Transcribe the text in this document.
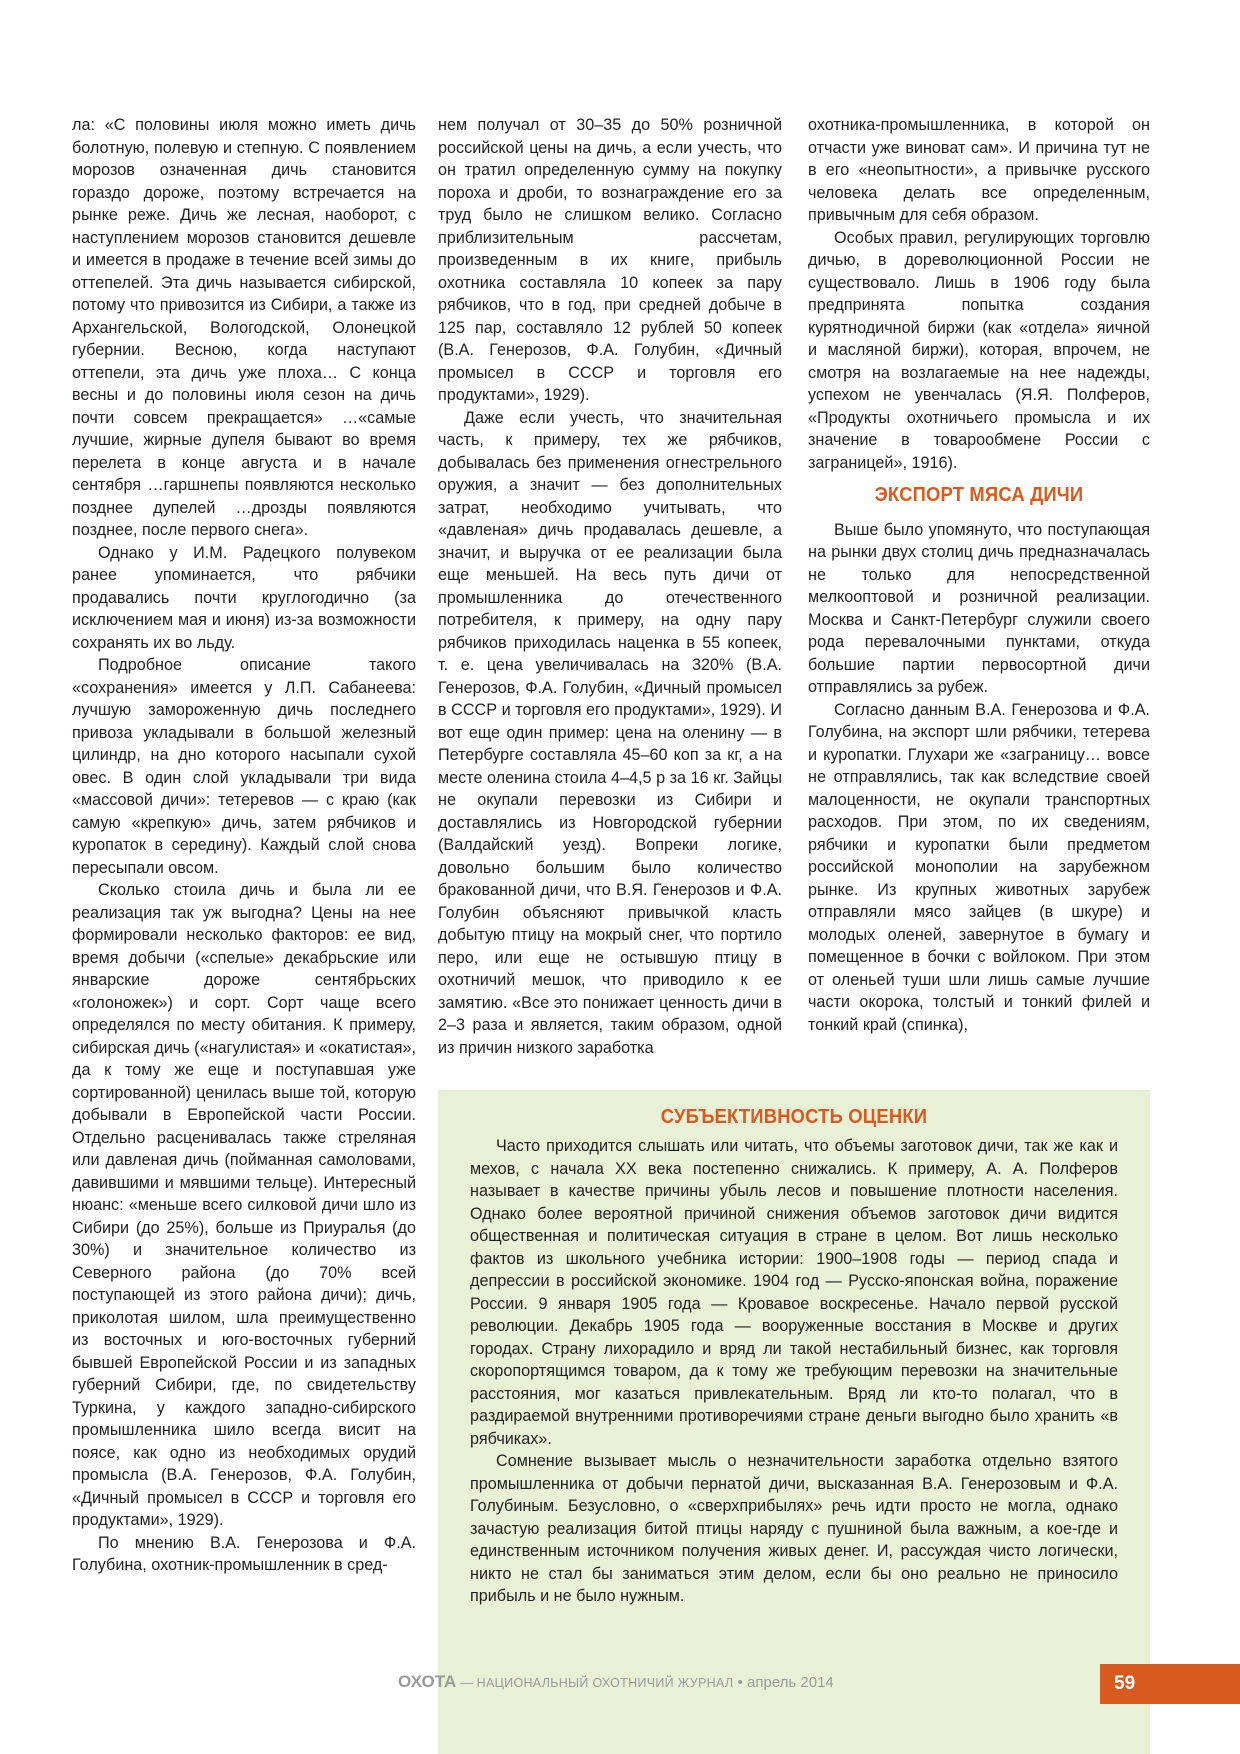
ла: «С половины июля можно иметь дичь болотную, полевую и степную. С появлением морозов означенная дичь становится гораздо дороже, поэтому встречается на рынке реже. Дичь же лесная, наоборот, с наступлением морозов становится дешевле и имеется в продаже в течение всей зимы до оттепелей. Эта дичь называется сибирской, потому что привозится из Сибири, а также из Архангельской, Вологодской, Олонецкой губернии. Весною, когда наступают оттепели, эта дичь уже плоха… С конца весны и до половины июля сезон на дичь почти совсем прекращается» …«самые лучшие, жирные дупеля бывают во время перелета в конце августа и в начале сентября …гаршнепы появляются несколько позднее дупелей …дрозды появляются позднее, после первого снега».

Однако у И.М. Радецкого полувеком ранее упоминается, что рябчики продавались почти круглогодично (за исключением мая и июня) из-за возможности сохранять их во льду.

Подробное описание такого «сохранения» имеется у Л.П. Сабанеева: лучшую замороженную дичь последнего привоза укладывали в большой железный цилиндр, на дно которого насыпали сухой овес. В один слой укладывали три вида «массовой дичи»: тетеревов — с краю (как самую «крепкую» дичь, затем рябчиков и куропаток в середину). Каждый слой снова пересыпали овсом.

Сколько стоила дичь и была ли ее реализация так уж выгодна? Цены на нее формировали несколько факторов: ее вид, время добычи («спелые» декабрьские или январские дороже сентябрьских «голоножек») и сорт. Сорт чаще всего определялся по месту обитания. К примеру, сибирская дичь («нагулистая» и «окатистая», да к тому же еще и поступавшая уже сортированной) ценилась выше той, которую добывали в Европейской части России. Отдельно расценивалась также стреляная или давленая дичь (пойманная самоловами, давившими и мявшими тельце). Интересный нюанс: «меньше всего силковой дичи шло из Сибири (до 25%), больше из Приуралья (до 30%) и значительное количество из Северного района (до 70% всей поступающей из этого района дичи); дичь, приколотая шилом, шла преимущественно из восточных и юго-восточных губерний бывшей Европейской России и из западных губерний Сибири, где, по свидетельству Туркина, у каждого западно-сибирского промышленника шило всегда висит на поясе, как одно из необходимых орудий промысла (В.А. Генерозов, Ф.А. Голубин, «Дичный промысел в СССР и торговля его продуктами», 1929).

По мнению В.А. Генерозова и Ф.А. Голубина, охотник-промышленник в сред-

нем получал от 30–35 до 50% розничной российской цены на дичь, а если учесть, что он тратил определенную сумму на покупку пороха и дроби, то вознаграждение его за труд было не слишком велико. Согласно приблизительным рассчетам, произведенным в их книге, прибыль охотника составляла 10 копеек за пару рябчиков, что в год, при средней добыче в 125 пар, составляло 12 рублей 50 копеек (В.А. Генерозов, Ф.А. Голубин, «Дичный промысел в СССР и торговля его продуктами», 1929).

Даже если учесть, что значительная часть, к примеру, тех же рябчиков, добывалась без применения огнестрельного оружия, а значит — без дополнительных затрат, необходимо учитывать, что «давленая» дичь продавалась дешевле, а значит, и выручка от ее реализации была еще меньшей. На весь путь дичи от промышленника до отечественного потребителя, к примеру, на одну пару рябчиков приходилась наценка в 55 копеек, т. е. цена увеличивалась на 320% (В.А. Генерозов, Ф.А. Голубин, «Дичный промысел в СССР и торговля его продуктами», 1929). И вот еще один пример: цена на оленину — в Петербурге составляла 45–60 коп за кг, а на месте оленина стоила 4–4,5 р за 16 кг. Зайцы не окупали перевозки из Сибири и доставлялись из Новгородской губернии (Валдайский уезд). Вопреки логике, довольно большим было количество бракованной дичи, что В.Я. Генерозов и Ф.А. Голубин объясняют привычкой класть добытую птицу на мокрый снег, что портило перо, или еще не остывшую птицу в охотничий мешок, что приводило к ее замятию. «Все это понижает ценность дичи в 2–3 раза и является, таким образом, одной из причин низкого заработка

охотника-промышленника, в которой он отчасти уже виноват сам». И причина тут не в его «неопытности», а привычке русского человека делать все определенным, привычным для себя образом.

Особых правил, регулирующих торговлю дичью, в дореволюционной России не существовало. Лишь в 1906 году была предпринята попытка создания курятнодичной биржи (как «отдела» яичной и масляной биржи), которая, впрочем, не смотря на возлагаемые на нее надежды, успехом не увенчалась (Я.Я. Полферов, «Продукты охотничьего промысла и их значение в товарообмене России с заграницей», 1916).

ЭКСПОРТ МЯСА ДИЧИ

Выше было упомянуто, что поступающая на рынки двух столиц дичь предназначалась не только для непосредственной мелкооптовой и розничной реализации. Москва и Санкт-Петербург служили своего рода перевалочными пунктами, откуда большие партии первосортной дичи отправлялись за рубеж.

Согласно данным В.А. Генерозова и Ф.А. Голубина, на экспорт шли рябчики, тетерева и куропатки. Глухари же «заграницу… вовсе не отправлялись, так как вследствие своей малоценности, не окупали транспортных расходов. При этом, по их сведениям, рябчики и куропатки были предметом российской монополии на зарубежном рынке. Из крупных животных зарубеж отправляли мясо зайцев (в шкуре) и молодых оленей, завернутое в бумагу и помещенное в бочки с войлоком. При этом от оленьей туши шли лишь самые лучшие части окорока, толстый и тонкий филей и тонкий край (спинка),

СУБЪЕКТИВНОСТЬ ОЦЕНКИ

Часто приходится слышать или читать, что объемы заготовок дичи, так же как и мехов, с начала XX века постепенно снижались. К примеру, А. А. Полферов называет в качестве причины убыль лесов и повышение плотности населения. Однако более вероятной причиной снижения объемов заготовок дичи видится общественная и политическая ситуация в стране в целом. Вот лишь несколько фактов из школьного учебника истории: 1900–1908 годы — период спада и депрессии в российской экономике. 1904 год — Русско-японская война, поражение России. 9 января 1905 года — Кровавое воскресенье. Начало первой русской революции. Декабрь 1905 года — вооруженные восстания в Москве и других городах. Страну лихорадило и вряд ли такой нестабильный бизнес, как торговля скоропортящимся товаром, да к тому же требующим перевозки на значительные расстояния, мог казаться привлекательным. Вряд ли кто-то полагал, что в раздираемой внутренними противоречиями стране деньги выгодно было хранить «в рябчиках».

Сомнение вызывает мысль о незначительности заработка отдельно взятого промышленника от добычи пернатой дичи, высказанная В.А. Генерозовым и Ф.А. Голубиным. Безусловно, о «сверхприбылях» речь идти просто не могла, однако зачастую реализация битой птицы наряду с пушниной была важным, а кое-где и единственным источником получения живых денег. И, рассуждая чисто логически, никто не стал бы заниматься этим делом, если бы оно реально не приносило прибыль и не было нужным.

ОХОТА — НАЦИОНАЛЬНЫЙ ОХОТНИЧИЙ ЖУРНАЛ • апрель 2014	59
